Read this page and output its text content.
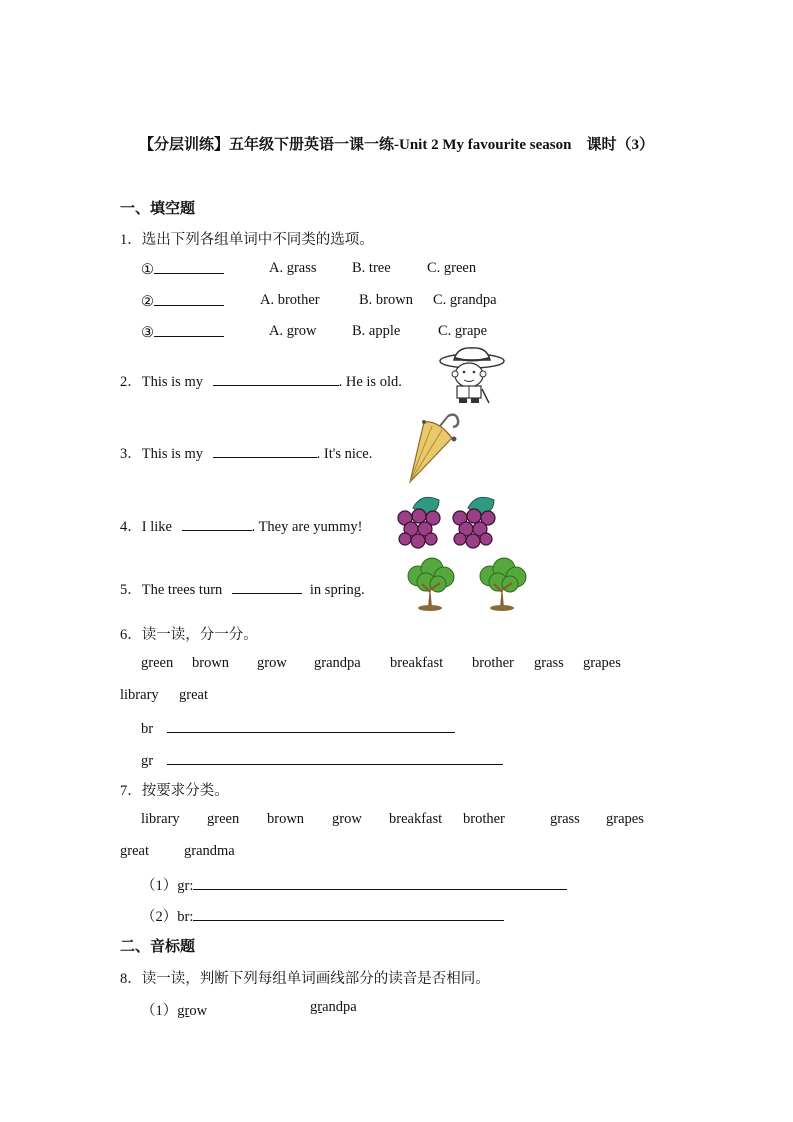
【分层训练】五年级下册英语一课一练-Unit 2 My favourite season　课时（3）
一、填空题
1．选出下列各组单词中不同类的选项。
①	A. grass B. tree	C. green
②	A. brother	B. brown C. grandpa
③	A. grow B. apple	C. grape
2．This is my	. He is old.
3．This is my	. It's nice.
4．I like	. They are yummy!
5．The trees turn	in spring.
6．读一读，分一分。
green brown grow grandpa breakfast brother grass grapes
library great
br
gr
7．按要求分类。
library green brown grow breakfast brother	grass grapes
great grandma
（1）gr:
（2）br:
二、音标题
8．读一读，判断下列每组单词画线部分的读音是否相同。
（1）grow	grandpa
